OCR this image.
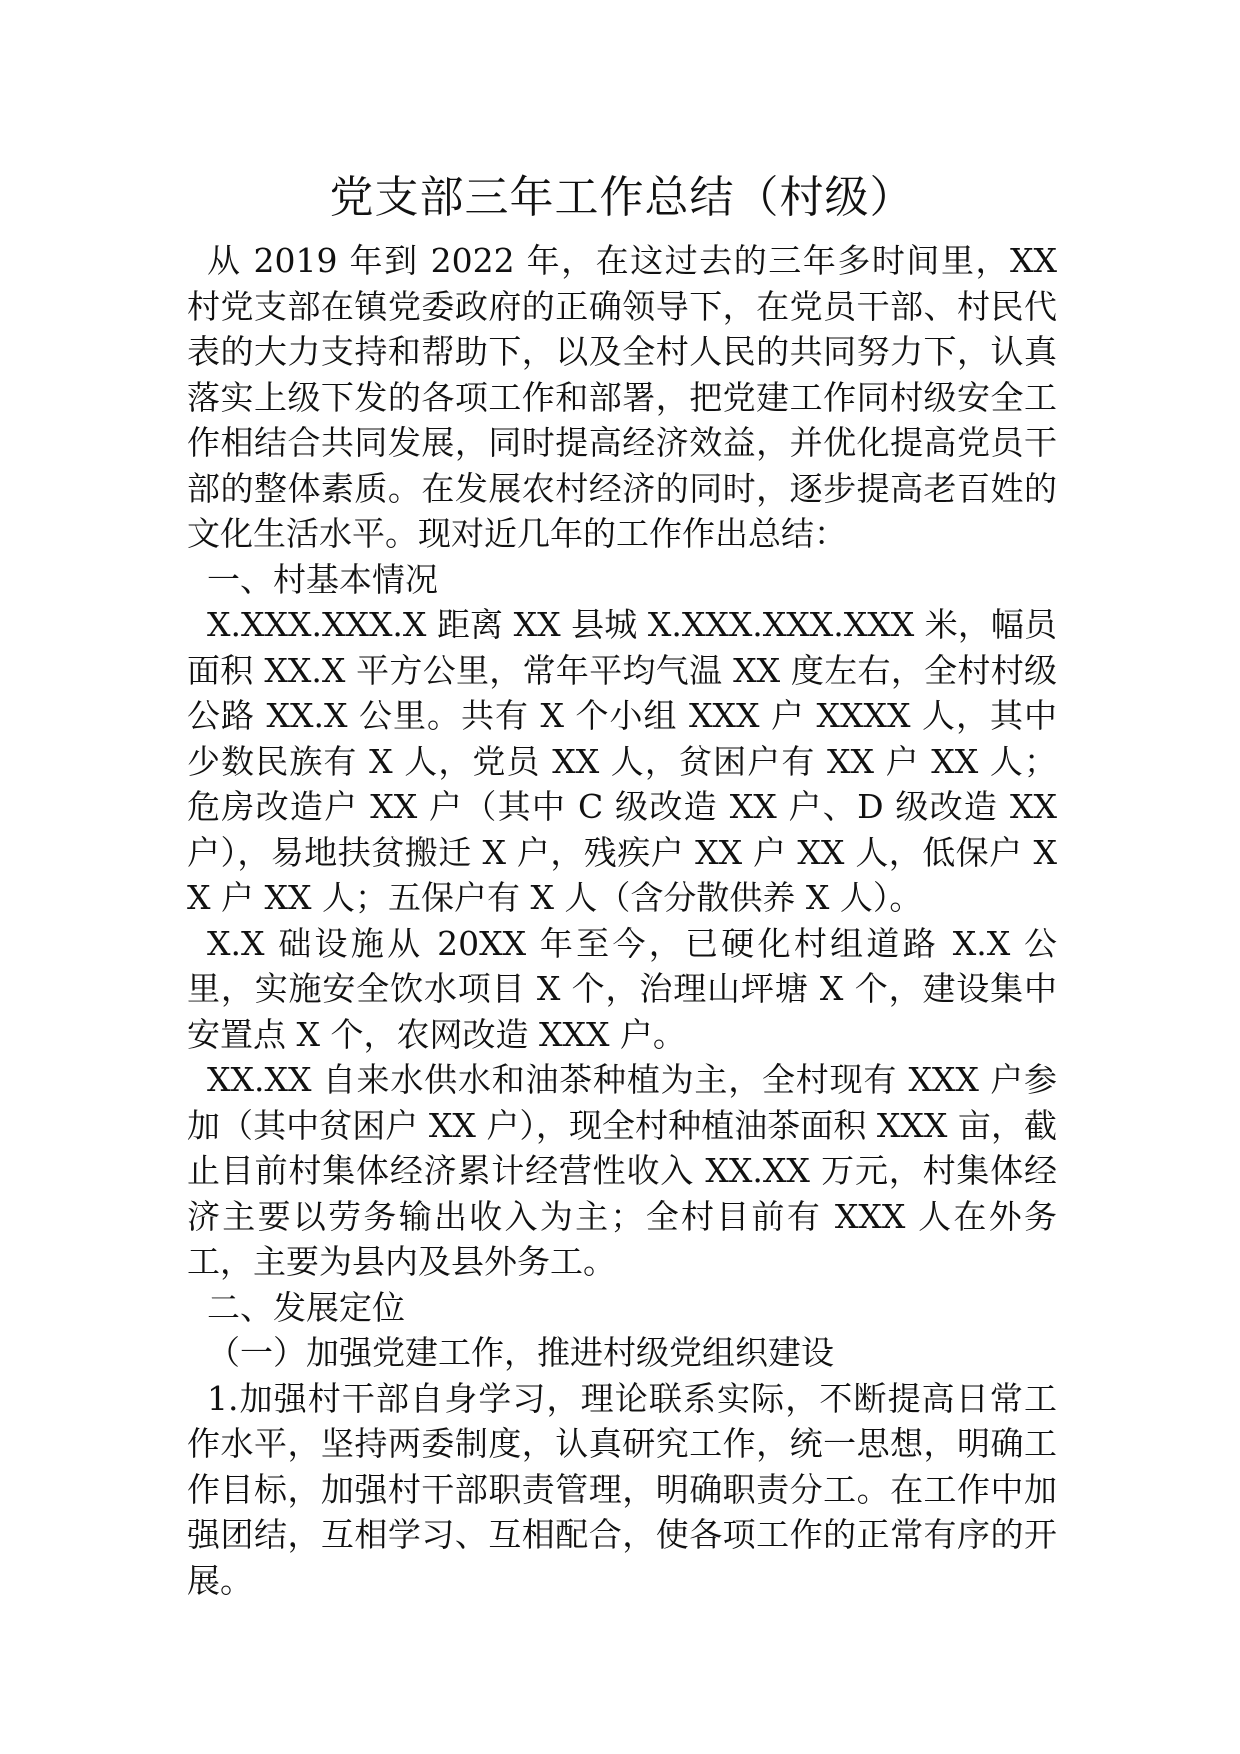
党支部三年工作总结（村级）

从 2019 年到 2022 年，在这过去的三年多时间里，XX 村党支部在镇党委政府的正确领导下，在党员干部、村民代表的大力支持和帮助下，以及全村人民的共同努力下，认真落实上级下发的各项工作和部署，把党建工作同村级安全工作相结合共同发展，同时提高经济效益，并优化提高党员干部的整体素质。在发展农村经济的同时，逐步提高老百姓的文化生活水平。现对近几年的工作作出总结：

一、村基本情况

X.XXX.XXX.X 距离 XX 县城 X.XXX.XXX.XXX 米，幅员面积 XX.X 平方公里，常年平均气温 XX 度左右，全村村级公路 XX.X 公里。共有 X 个小组 XXX 户 XXXX 人，其中少数民族有 X 人，党员 XX 人，贫困户有 XX 户 XX 人；危房改造户 XX 户（其中 C 级改造 XX 户、D 级改造 XX 户），易地扶贫搬迁 X 户，残疾户 XX 户 XX 人，低保户 XX 户 XX 人；五保户有 X 人（含分散供养 X 人）。

X.X 础设施从 20XX 年至今，已硬化村组道路 X.X 公里，实施安全饮水项目 X 个，治理山坪塘 X 个，建设集中安置点 X 个，农网改造 XXX 户。

XX.XX 自来水供水和油茶种植为主，全村现有 XXX 户参加（其中贫困户 XX 户），现全村种植油茶面积 XXX 亩，截止目前村集体经济累计经营性收入 XX.XX 万元，村集体经济主要以劳务输出收入为主；全村目前有 XXX 人在外务工，主要为县内及县外务工。

二、发展定位

（一）加强党建工作，推进村级党组织建设

1.加强村干部自身学习，理论联系实际，不断提高日常工作水平，坚持两委制度，认真研究工作，统一思想，明确工作目标，加强村干部职责管理，明确职责分工。在工作中加强团结，互相学习、互相配合，使各项工作的正常有序的开展。
